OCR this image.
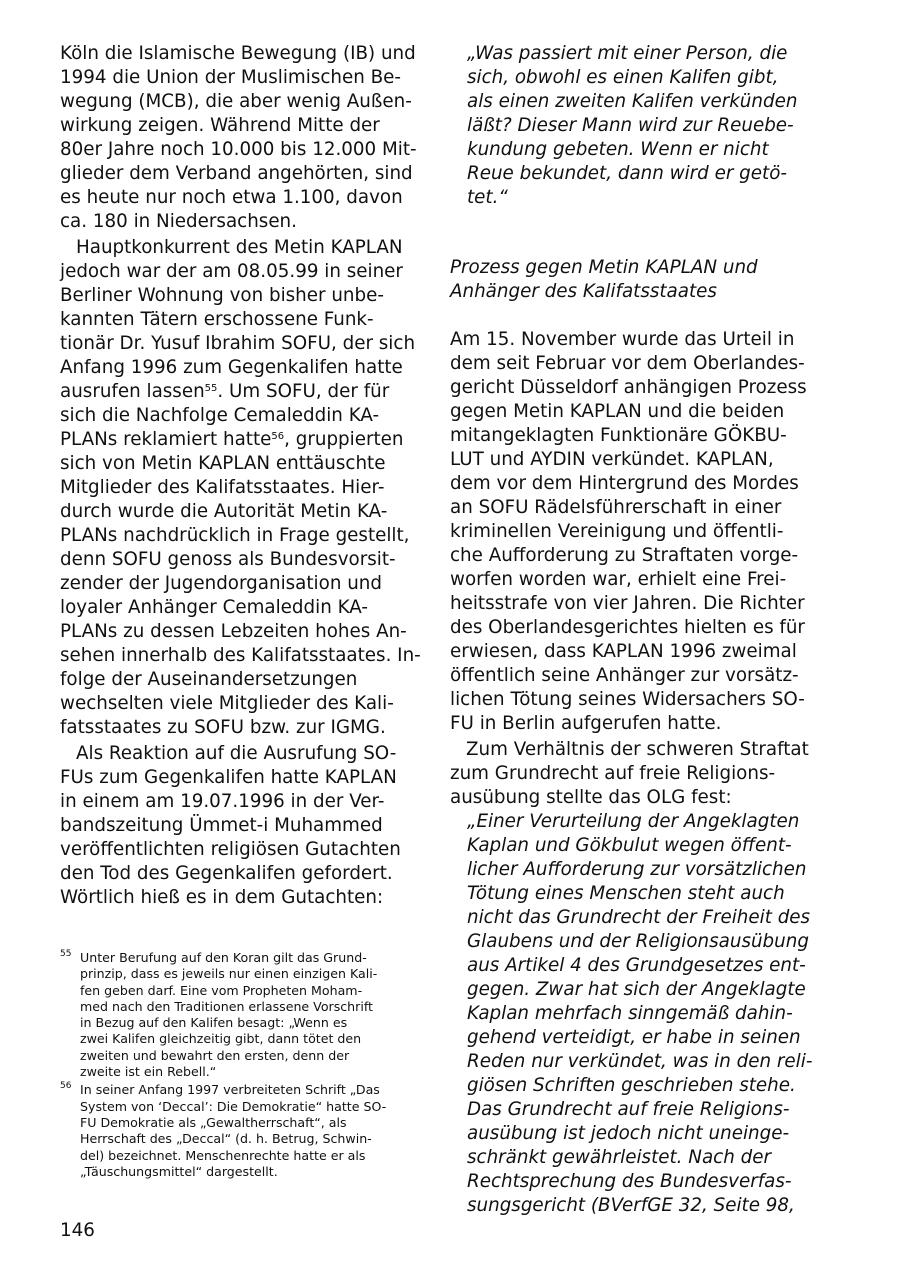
Köln die Islamische Bewegung (IB) und
1994 die Union der Muslimischen Be-
wegung (MCB), die aber wenig Außen-
wirkung zeigen. Während Mitte der
80er Jahre noch 10.000 bis 12.000 Mit-
glieder dem Verband angehörten, sind
es heute nur noch etwa 1.100, davon
ca. 180 in Niedersachsen.
Hauptkonkurrent des Metin KAPLAN
jedoch war der am 08.05.99 in seiner
Berliner Wohnung von bisher unbe-
kannten Tätern erschossene Funk-
tionär Dr. Yusuf Ibrahim SOFU, der sich
Anfang 1996 zum Gegenkalifen hatte
ausrufen lassen$^{55}$. Um SOFU, der für
sich die Nachfolge Cemaleddin KA-
PLANs reklamiert hatte$^{56}$, gruppierten
sich von Metin KAPLAN enttäuschte
Mitglieder des Kalifatsstaates. Hier-
durch wurde die Autorität Metin KA-
PLANs nachdrücklich in Frage gestellt,
denn SOFU genoss als Bundesvorsit-
zender der Jugendorganisation und
loyaler Anhänger Cemaleddin KA-
PLANs zu dessen Lebzeiten hohes An-
sehen innerhalb des Kalifatsstaates. In-
folge der Auseinandersetzungen
wechselten viele Mitglieder des Kali-
fatsstaates zu SOFU bzw. zur IGMG.
Als Reaktion auf die Ausrufung SO-
FUs zum Gegenkalifen hatte KAPLAN
in einem am 19.07.1996 in der Ver-
bandszeitung Ümmet-i Muhammed
veröffentlichten religiösen Gutachten
den Tod des Gegenkalifen gefordert.
Wörtlich hieß es in dem Gutachten:
55 Unter Berufung auf den Koran gilt das Grund-
prinzip, dass es jeweils nur einen einzigen Kali-
fen geben darf. Eine vom Propheten Moham-
med nach den Traditionen erlassene Vorschrift
in Bezug auf den Kalifen besagt: „Wenn es
zwei Kalifen gleichzeitig gibt, dann tötet den
zweiten und bewahrt den ersten, denn der
zweite ist ein Rebell.“
56 In seiner Anfang 1997 verbreiteten Schrift „Das
System von ‘Deccal’: Die Demokratie“ hatte SO-
FU Demokratie als „Gewaltherrschaft“, als
Herrschaft des „Deccal“ (d. h. Betrug, Schwin-
del) bezeichnet. Menschenrechte hatte er als
„Täuschungsmittel“ dargestellt.
„Was passiert mit einer Person, die
sich, obwohl es einen Kalifen gibt,
als einen zweiten Kalifen verkünden
läßt? Dieser Mann wird zur Reuebe-
kundung gebeten. Wenn er nicht
Reue bekundet, dann wird er getö-
tet.“
Prozess gegen Metin KAPLAN und
Anhänger des Kalifatsstaates
Am 15. November wurde das Urteil in
dem seit Februar vor dem Oberlandes-
gericht Düsseldorf anhängigen Prozess
gegen Metin KAPLAN und die beiden
mitangeklagten Funktionäre GÖKBU-
LUT und AYDIN verkündet. KAPLAN,
dem vor dem Hintergrund des Mordes
an SOFU Rädelsführerschaft in einer
kriminellen Vereinigung und öffentli-
che Aufforderung zu Straftaten vorge-
worfen worden war, erhielt eine Frei-
heitsstrafe von vier Jahren. Die Richter
des Oberlandesgerichtes hielten es für
erwiesen, dass KAPLAN 1996 zweimal
öffentlich seine Anhänger zur vorsätz-
lichen Tötung seines Widersachers SO-
FU in Berlin aufgerufen hatte.
Zum Verhältnis der schweren Straftat
zum Grundrecht auf freie Religions-
ausübung stellte das OLG fest:
„Einer Verurteilung der Angeklagten
Kaplan und Gökbulut wegen öffent-
licher Aufforderung zur vorsätzlichen
Tötung eines Menschen steht auch
nicht das Grundrecht der Freiheit des
Glaubens und der Religionsausübung
aus Artikel 4 des Grundgesetzes ent-
gegen. Zwar hat sich der Angeklagte
Kaplan mehrfach sinngemäß dahin-
gehend verteidigt, er habe in seinen
Reden nur verkündet, was in den reli-
giösen Schriften geschrieben stehe.
Das Grundrecht auf freie Religions-
ausübung ist jedoch nicht uneinge-
schränkt gewährleistet. Nach der
Rechtsprechung des Bundesverfas-
sungsgericht (BVerfGE 32, Seite 98,
146
